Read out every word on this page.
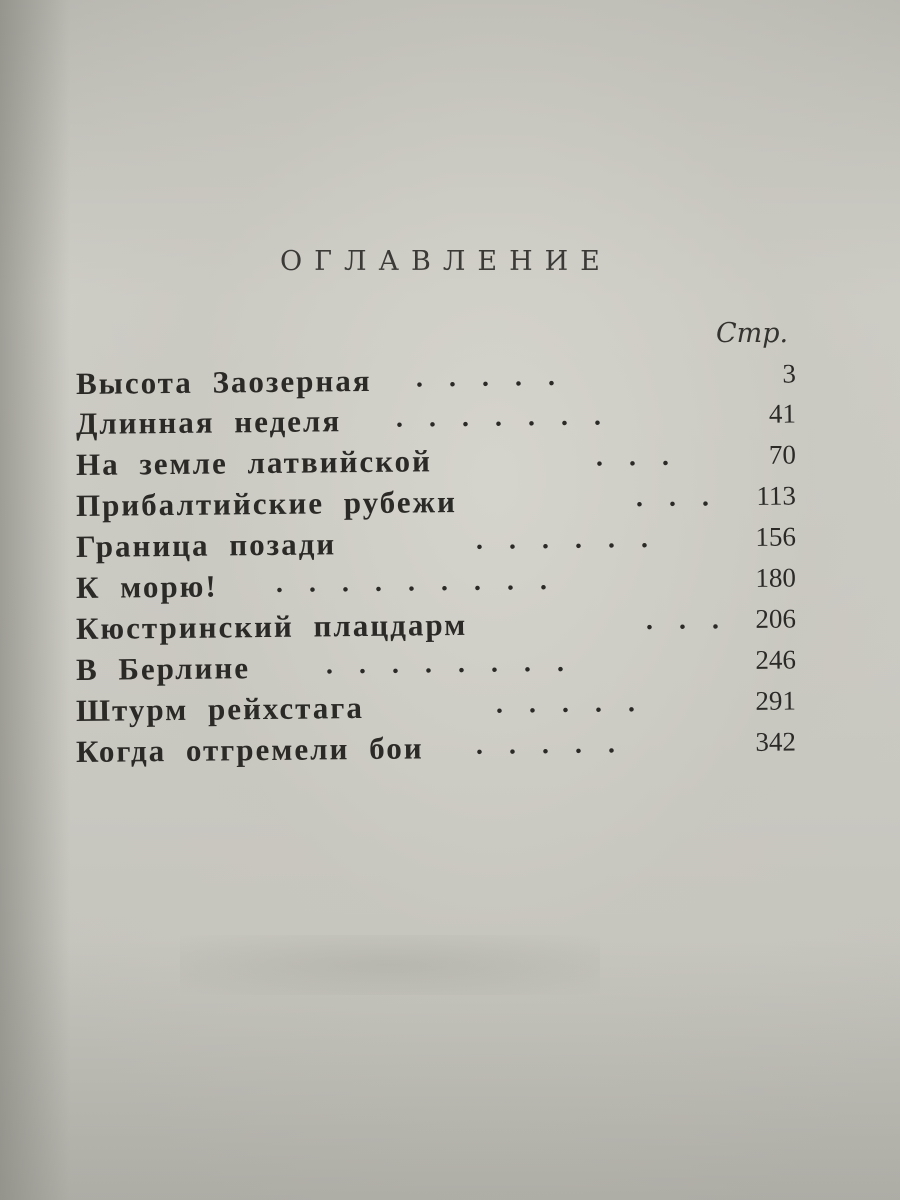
ОГЛАВЛЕНИЕ
Стр.
Высота Заозерная .....	3
Длинная неделя .......	41
На земле латвийской	...	70
Прибалтийские рубежи	... 113
Граница позади	......	156
К морю! .........	180
Кюстринский плацдарм	... 206
В Берлине	........	246
Штурм рейхстага	.....	291
Когда отгремели бои .....	342
